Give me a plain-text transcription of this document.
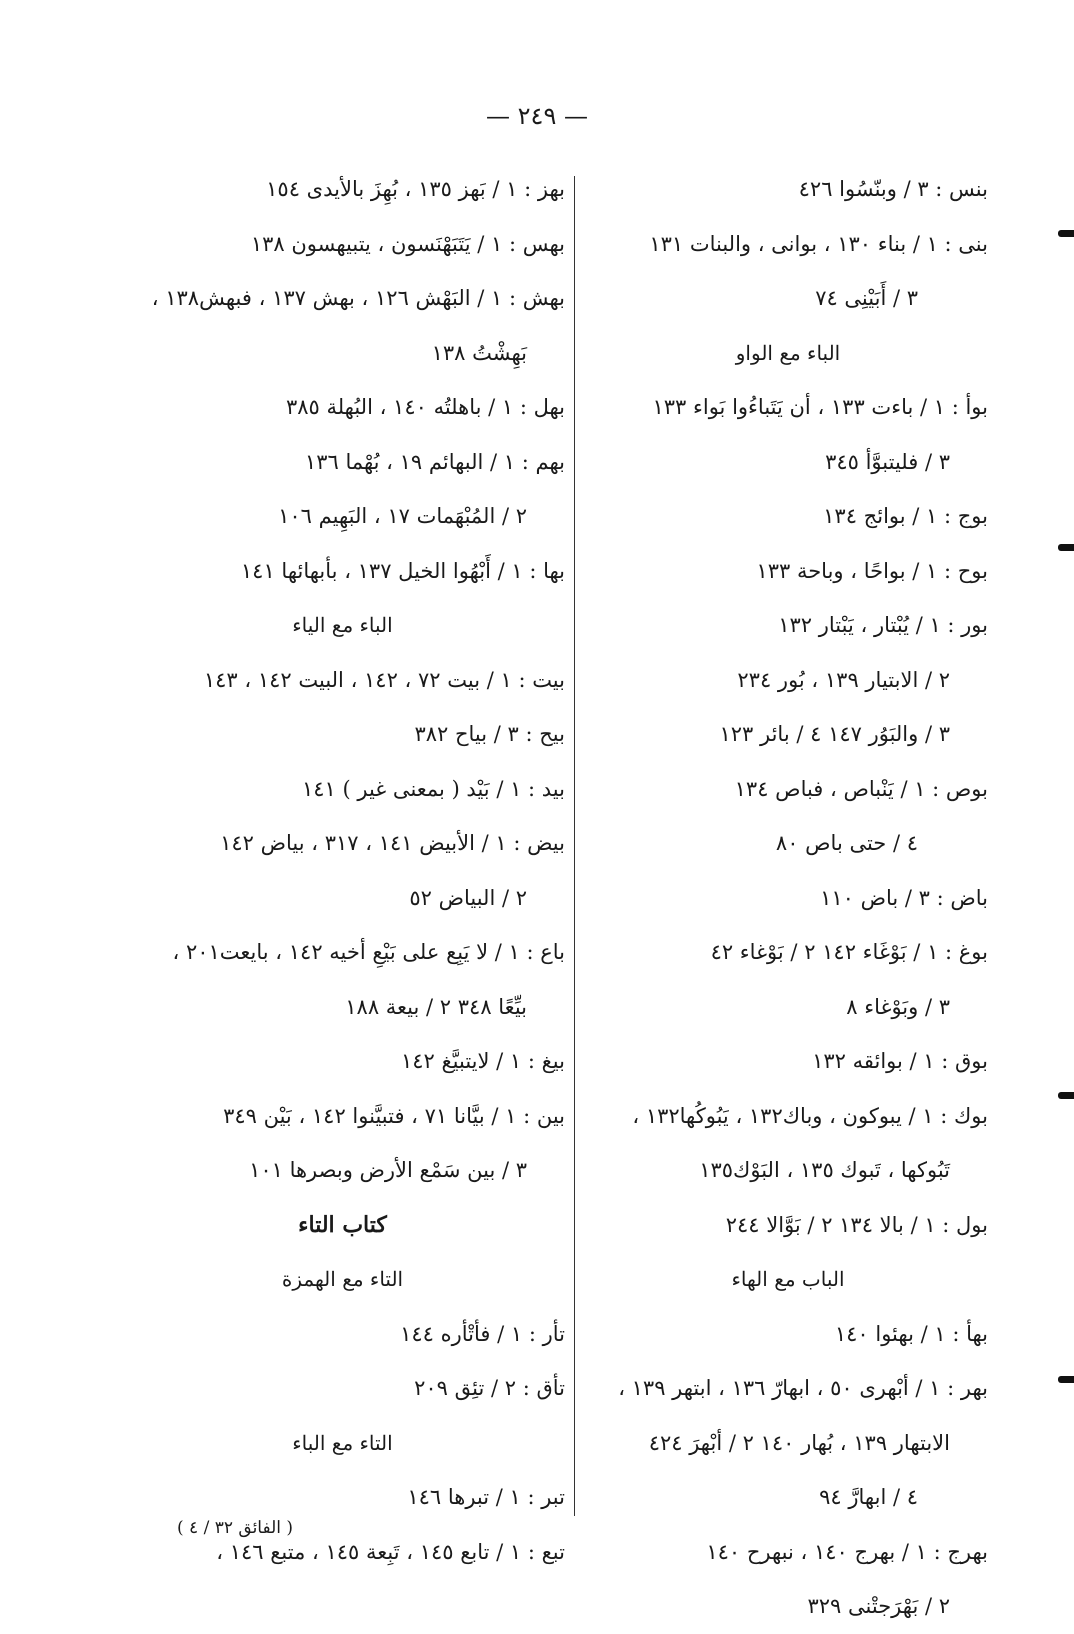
— ٢٤٩ —
بنس : ٣ / وبنّسُوا ٤٢٦
بنى : ١ / بناء ١٣٠ ، بوانى ، والبنات ١٣١
٣ / أَبَيْنِى ٧٤
الباء مع الواو
بوأ : ١ / باءت ١٣٣ ، أن يَتَباءُوا بَواء ١٣٣
٣ / فليتبوَّأ ٣٤٥
بوج : ١ / بوائج ١٣٤
بوح : ١ / بواحًا ، وباحة ١٣٣
بور : ١ / يُبْتار ، يَبْتار ١٣٢
٢ / الابتيار ١٣٩ ، بُور ٢٣٤
٣ / والبَوُر ١٤٧ ٤ / بائر ١٢٣
بوص : ١ / يَنْباص ، فباص ١٣٤
٤ / حتى باص ٨٠
باض : ٣ / باض ١١٠
بوغ : ١ / بَوْغَاء ١٤٢ ٢ / بَوْغاء ٤٢
٣ / وبَوْغاء ٨
بوق : ١ / بوائقه ١٣٢
بوك : ١ / يبوكون ، وباك١٣٢ ، يَبُوكُها١٣٢ ،
تَبُوكها ، تَبوك ١٣٥ ، البَوْك١٣٥
بول : ١ / بالا ١٣٤ ٢ / بَوَّالا ٢٤٤
الباب مع الهاء
بهأ : ١ / بهئوا ١٤٠
بهر : ١ / أبْهرى ٥٠ ، ابهارّ ١٣٦ ، ابتهر ١٣٩ ،
الابتهار ١٣٩ ، بُهار ١٤٠ ٢ / أبْهرَ ٤٢٤
٤ / ابهارَّ ٩٤
بهرج : ١ / بهرج ١٤٠ ، نبهرح ١٤٠
٢ / بَهْرَجتْنى ٣٢٩
بهز : ١ / بَهز ١٣٥ ، بُهِزَ بالأيدى ١٥٤
بهس : ١ / يَتَبَهْنَسون ، يتبيهسون ١٣٨
بهش : ١ / البَهْش ١٢٦ ، بهش ١٣٧ ، فبهش١٣٨ ،
بَهِشْتُ ١٣٨
بهل : ١ / باهلتُه ١٤٠ ، البُهلة ٣٨٥
بهم : ١ / البهائم ١٩ ، بُهْما ١٣٦
٢ / المُبْهَمات ١٧ ، البَهِيم ١٠٦
بها : ١ / أَبْهُوا الخيل ١٣٧ ، بأبهائها ١٤١
الباء مع الياء
بيت : ١ / بيت ٧٢ ، ١٤٢ ، البيت ١٤٢ ، ١٤٣
بيح : ٣ / بياح ٣٨٢
بيد : ١ / بَيْد ( بمعنى غير ) ١٤١
بيض : ١ / الأبيض ١٤١ ، ٣١٧ ، بياض ١٤٢
٢ / البياض ٥٢
باع : ١ / لا يَبِع على بَيْعِ أخيه ١٤٢ ، بايعت٢٠١ ،
بيِّعًا ٣٤٨ ٢ / بيعة ١٨٨
بيغ : ١ / لايتبيَّغ ١٤٢
بين : ١ / بيَّانا ٧١ ، فتبيَّنوا ١٤٢ ، بَيْن ٣٤٩
٣ / بين سَمْع الأرض وبصرها ١٠١
كتاب التاء
التاء مع الهمزة
تأر : ١ / فأتْأره ١٤٤
تأق : ٢ / تئِق ٢٠٩
التاء مع الباء
تبر : ١ / تبرها ١٤٦
تبع : ١ / تابع ١٤٥ ، تَبِعة ١٤٥ ، متبع ١٤٦ ،
( الفائق ٣٢ / ٤ )
